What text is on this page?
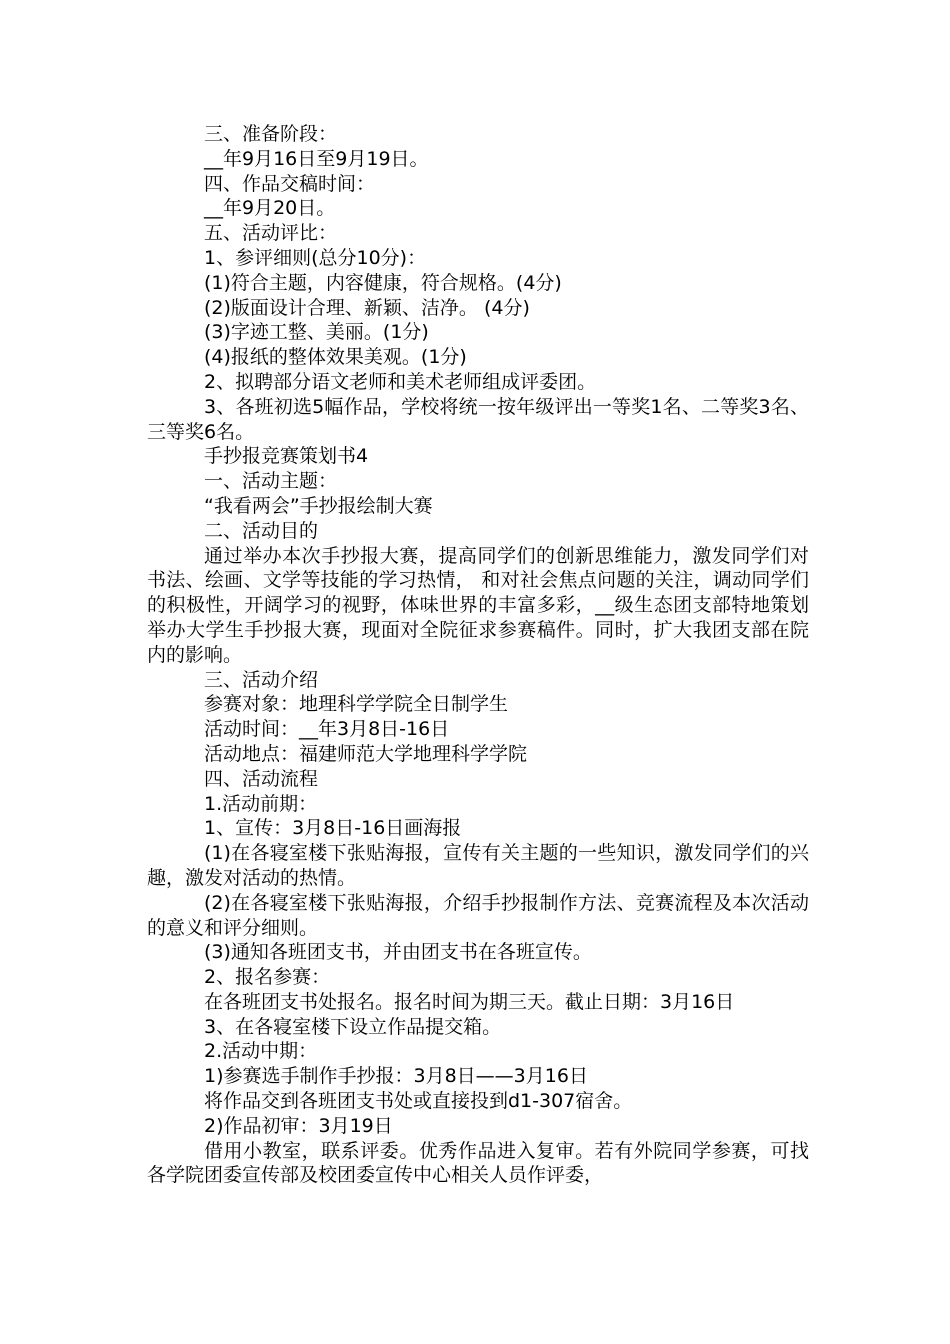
三、准备阶段：

__年9月16日至9月19日。

四、作品交稿时间：

__年9月20日。

五、活动评比：

1、参评细则(总分10分)：

(1)符合主题，内容健康，符合规格。(4分)

(2)版面设计合理、新颖、洁净。 (4分)

(3)字迹工整、美丽。(1分)

(4)报纸的整体效果美观。(1分)

2、拟聘部分语文老师和美术老师组成评委团。

3、各班初选5幅作品，学校将统一按年级评出一等奖1名、二等奖3名、三等奖6名。

手抄报竞赛策划书4

一、活动主题：

“我看两会”手抄报绘制大赛

二、活动目的

通过举办本次手抄报大赛，提高同学们的创新思维能力，激发同学们对书法、绘画、文学等技能的学习热情， 和对社会焦点问题的关注，调动同学们的积极性，开阔学习的视野，体味世界的丰富多彩，__级生态团支部特地策划举办大学生手抄报大赛，现面对全院征求参赛稿件。同时，扩大我团支部在院内的影响。

三、活动介绍

参赛对象：地理科学学院全日制学生

活动时间：__年3月8日-16日

活动地点：福建师范大学地理科学学院

四、活动流程

1.活动前期：

1、宣传：3月8日-16日画海报

(1)在各寝室楼下张贴海报，宣传有关主题的一些知识，激发同学们的兴趣，激发对活动的热情。

(2)在各寝室楼下张贴海报，介绍手抄报制作方法、竞赛流程及本次活动的意义和评分细则。

(3)通知各班团支书，并由团支书在各班宣传。

2、报名参赛：

在各班团支书处报名。报名时间为期三天。截止日期：3月16日

3、在各寝室楼下设立作品提交箱。

2.活动中期：

1)参赛选手制作手抄报：3月8日——3月16日

将作品交到各班团支书处或直接投到d1-307宿舍。

2)作品初审：3月19日

借用小教室，联系评委。优秀作品进入复审。若有外院同学参赛，可找各学院团委宣传部及校团委宣传中心相关人员作评委，
